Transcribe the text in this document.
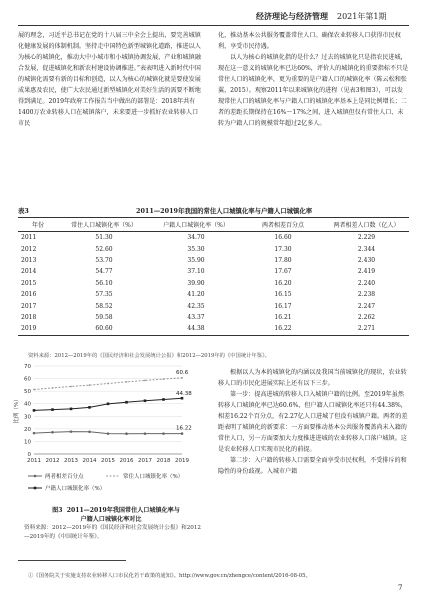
经济理论与经济管理 2021年第1期

展的理念，习近平总书记在党的十八届三中全会上提出，要完善城镇化健康发展的体制机制。坚持走中国特色新型城镇化道路，推进以人为核心的城镇化，推动大中小城市和小城镇协调发展、产业和城镇融合发展，促进城镇化和新农村建设协调推进。”表表明进入新时代中国的城镇化需要有新的目标和创造，以人为核心的城镇化就是要使发展成果惠及农民，使广大农民通过新型城镇化对美好生活的需要不断地得到满足。2019年政府工作报告当中做出的部署是：2018年共有1400万农业转移人口在城镇落户，未来要进一步抓好农业转移人口市民

化，推动基本公共服务覆盖常住人口。确保农业转移人口获得市民权利，享受市民待遇。

以人为核心的城镇化指的是什么？过去的城镇化只是指农民进城，现在这一意义的城镇化率已达60%，评价人的城镇化的重要指标不只是常住人口的城镇化率，更为重要的是户籍人口的城镇化率（陈云松和张翼，2015）。观察2011年以来城镇化的进程（见表3和图3），可以发现常住人口的城镇化率与户籍人口的城镇化率基本上是同比例增长；二者的差距长期保持在16%～17%之间，进入城镇但仅有常住人口、未转为户籍人口的规模常年超过2亿多人。

表3	2011—2019年我国的常住人口城镇化率与户籍人口城镇化率
年份	常住人口城镇化率（%）	户籍人口城镇化率（%）	两者相差百分点	两者相差人口数（亿人）
2011	51.30	34.70	16.60	2.229
2012	52.60	35.30	17.30	2.344
2013	53.70	35.90	17.80	2.430
2014	54.77	37.10	17.67	2.419
2015	56.10	39.90	16.20	2.240
2016	57.35	41.20	16.15	2.238
2017	58.52	42.35	16.17	2.247
2018	59.58	43.37	16.21	2.262
2019	60.60	44.38	16.22	2.271
资料来源：2012—2019年的《国民经济和社会发展统计公报》和2012—2019年的《中国统计年鉴》。
0
10
20
30
40
50
60
70
2011 2012 2013 2014 2015 2016 2017 2018 2019
比例（%）
60.6
44.38
16.22
两者相差百分点	常住人口城镇化率（%）
户籍人口城镇化率（%）
图3 2011—2019年我国常住人口城镇化率与
户籍人口城镇化率对比
资料来源：2012—2019年的《国民经济和社会发展统计公报》和2012—2019年的《中国统计年鉴》。

根据以人为本的城镇化的内涵以及我国当前城镇化的现状，农业转移人口的市民化进展实际上还有以下三步。

第一步：提高进城的转移人口入城镇户籍的比例。至2019年虽然转移人口城镇化率已达60.6%，但户籍人口城镇化率还只有44.38%，相差16.22个百分点，有2.27亿人口进城了但没有城镇户籍。两者的差距表明了城镇化的新要求：一方面要推动基本公共服务覆盖尚未入籍的常住人口，另一方面要加大力度推进进城的农业转移人口落户城镇。这是农业转移人口实现市民化的前提。

第二步：入户籍的转移人口需要全面享受市民权利，不受排斥的和隐性的身份歧视。入城市户籍

①《国务院关于实施支持农业转移人口市民化若干政策的通知》。http://www.gov.cn/zhengce/content/2016-08-05。
7
